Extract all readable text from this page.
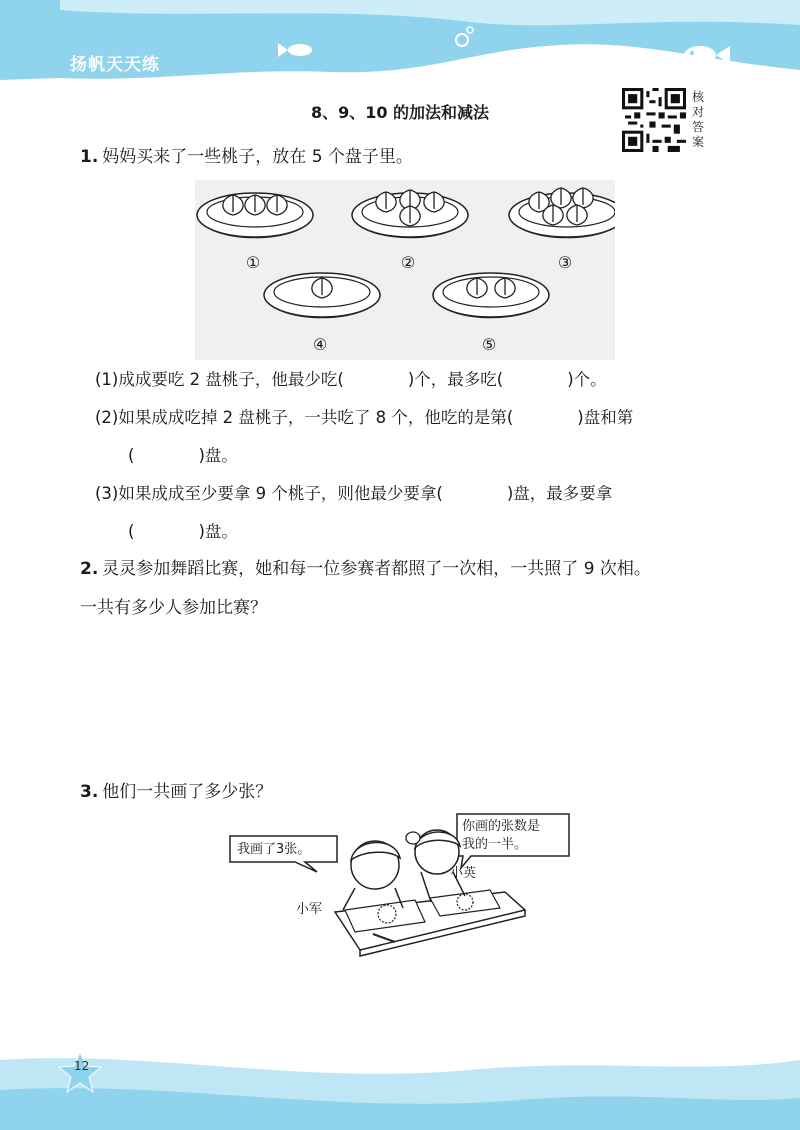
扬帆天天练
8、9、10 的加法和减法
核
对
答
案
1. 妈妈买来了一些桃子，放在 5 个盘子里。
①	②	③
④	⑤
(1)成成要吃 2 盘桃子，他最少吃(	)个，最多吃(	)个。
(2)如果成成吃掉 2 盘桃子，一共吃了 8 个，他吃的是第(	)盘和第
(	)盘。
(3)如果成成至少要拿 9 个桃子，则他最少要拿(	)盘，最多要拿
(	)盘。
2. 灵灵参加舞蹈比赛，她和每一位参赛者都照了一次相，一共照了 9 次相。
一共有多少人参加比赛？
3. 他们一共画了多少张？
我画了3张。
你画的张数是
我的一半。
小军
小英
12
